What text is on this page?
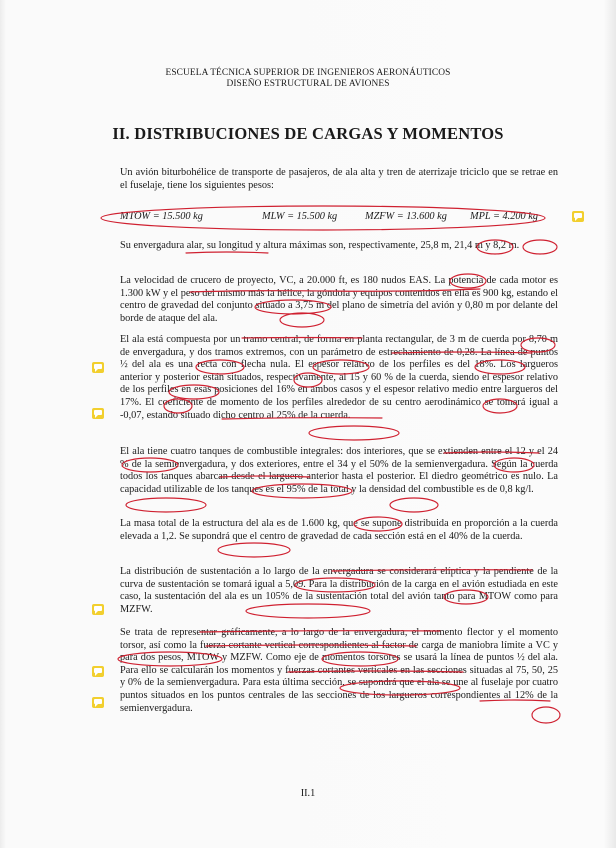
ESCUELA TÉCNICA SUPERIOR DE INGENIEROS AERONÁUTICOS
DISEÑO ESTRUCTURAL DE AVIONES
II. DISTRIBUCIONES DE CARGAS Y MOMENTOS

Un avión biturbohélice de transporte de pasajeros, de ala alta y tren de aterrizaje triciclo que se retrae en el fuselaje, tiene los siguientes pesos:

MTOW = 15.500 kg	MLW = 15.500 kg	MZFW = 13.600 kg MPL = 4.200 kg

Su envergadura alar, su longitud y altura máximas son, respectivamente, 25,8 m, 21,4 m y 8,2 m.

La velocidad de crucero de proyecto, VC, a 20.000 ft, es 180 nudos EAS. La potencia de cada motor es 1.300 kW y el peso del mismo más la hélice, la góndola y equipos contenidos en ella es 900 kg, estando el centro de gravedad del conjunto situado a 3,75 m del plano de simetría del avión y 0,80 m por delante del borde de ataque del ala.

El ala está compuesta por un tramo central, de forma en planta rectangular, de 3 m de cuerda por 8,70 m de envergadura, y dos tramos extremos, con un parámetro de estrechamiento de 0,28. La línea de puntos ½ del ala es una recta con flecha nula. El espesor relativo de los perfiles es del 18%. Los largueros anterior y posterior están situados, respectivamente, al 15 y 60 % de la cuerda, siendo el espesor relativo de los perfiles en esas posiciones del 16% en ambos casos y el espesor relativo medio entre largueros del 17%. El coeficiente de momento de los perfiles alrededor de su centro aerodinámico se tomará igual a -0,07, estando situado dicho centro al 25% de la cuerda.

El ala tiene cuatro tanques de combustible integrales: dos interiores, que se extienden entre el 12 y el 24 % de la semienvergadura, y dos exteriores, entre el 34 y el 50% de la semienvergadura. Según la cuerda todos los tanques abarcan desde el larguero anterior hasta el posterior. El diedro geométrico es nulo. La capacidad utilizable de los tanques es el 95% de la total y la densidad del combustible es de 0,8 kg/l.

La masa total de la estructura del ala es de 1.600 kg, que se supone distribuida en proporción a la cuerda elevada a 1,2. Se supondrá que el centro de gravedad de cada sección está en el 40% de la cuerda.

La distribución de sustentación a lo largo de la envergadura se considerará elíptica y la pendiente de la curva de sustentación se tomará igual a 5,09. Para la distribución de la carga en el avión estudiada en este caso, la sustentación del ala es un 105% de la sustentación total del avión tanto para MTOW como para MZFW.

Se trata de representar gráficamente, a lo largo de la envergadura, el momento flector y el momento torsor, así como la fuerza cortante vertical correspondientes al factor de carga de maniobra límite a VC y para dos pesos, MTOW y MZFW. Como eje de momentos torsores se usará la línea de puntos ½ del ala. Para ello se calcularán los momentos y fuerzas cortantes verticales en las secciones situadas al 75, 50, 25 y 0% de la semienvergadura. Para esta última sección, se supondrá que el ala se une al fuselaje por cuatro puntos situados en los puntos centrales de las secciones de los largueros correspondientes al 12% de la semienvergadura.

II.1
